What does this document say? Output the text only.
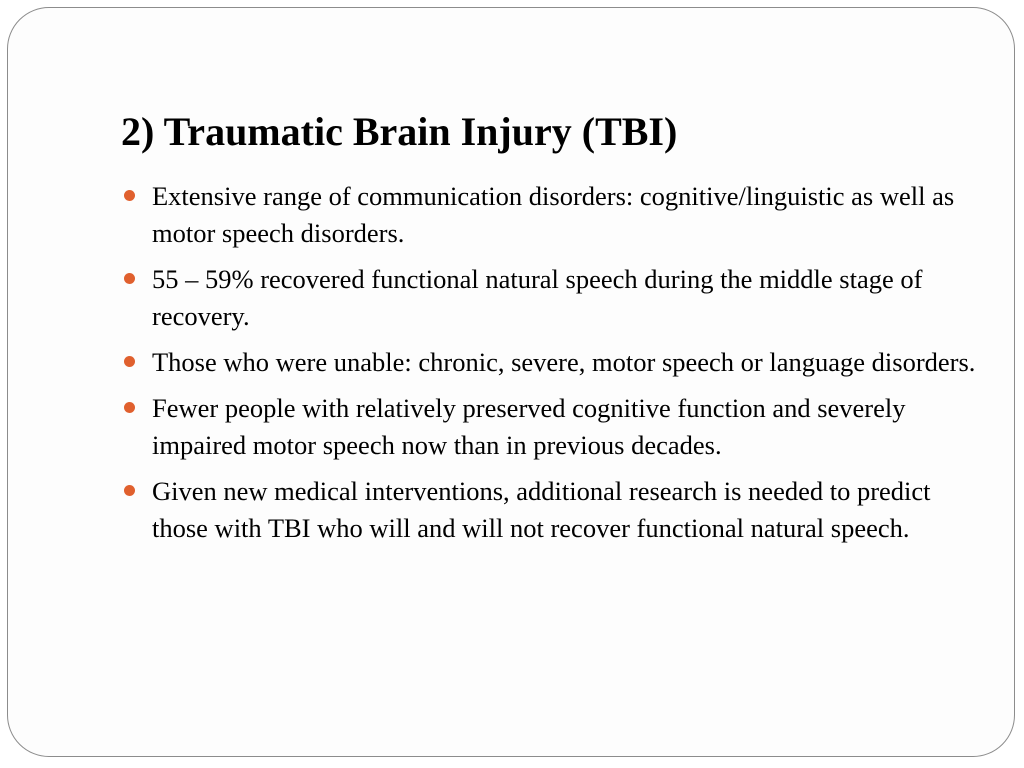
2) Traumatic Brain Injury (TBI)
Extensive range of communication disorders: cognitive/linguistic as well as motor speech disorders.
55 – 59% recovered functional natural speech during the middle stage of recovery.
Those who were unable: chronic, severe, motor speech or language disorders.
Fewer people with relatively preserved cognitive function and severely impaired motor speech now than in previous decades.
Given new medical interventions, additional research is needed to predict those with TBI who will and will not recover functional natural speech.
